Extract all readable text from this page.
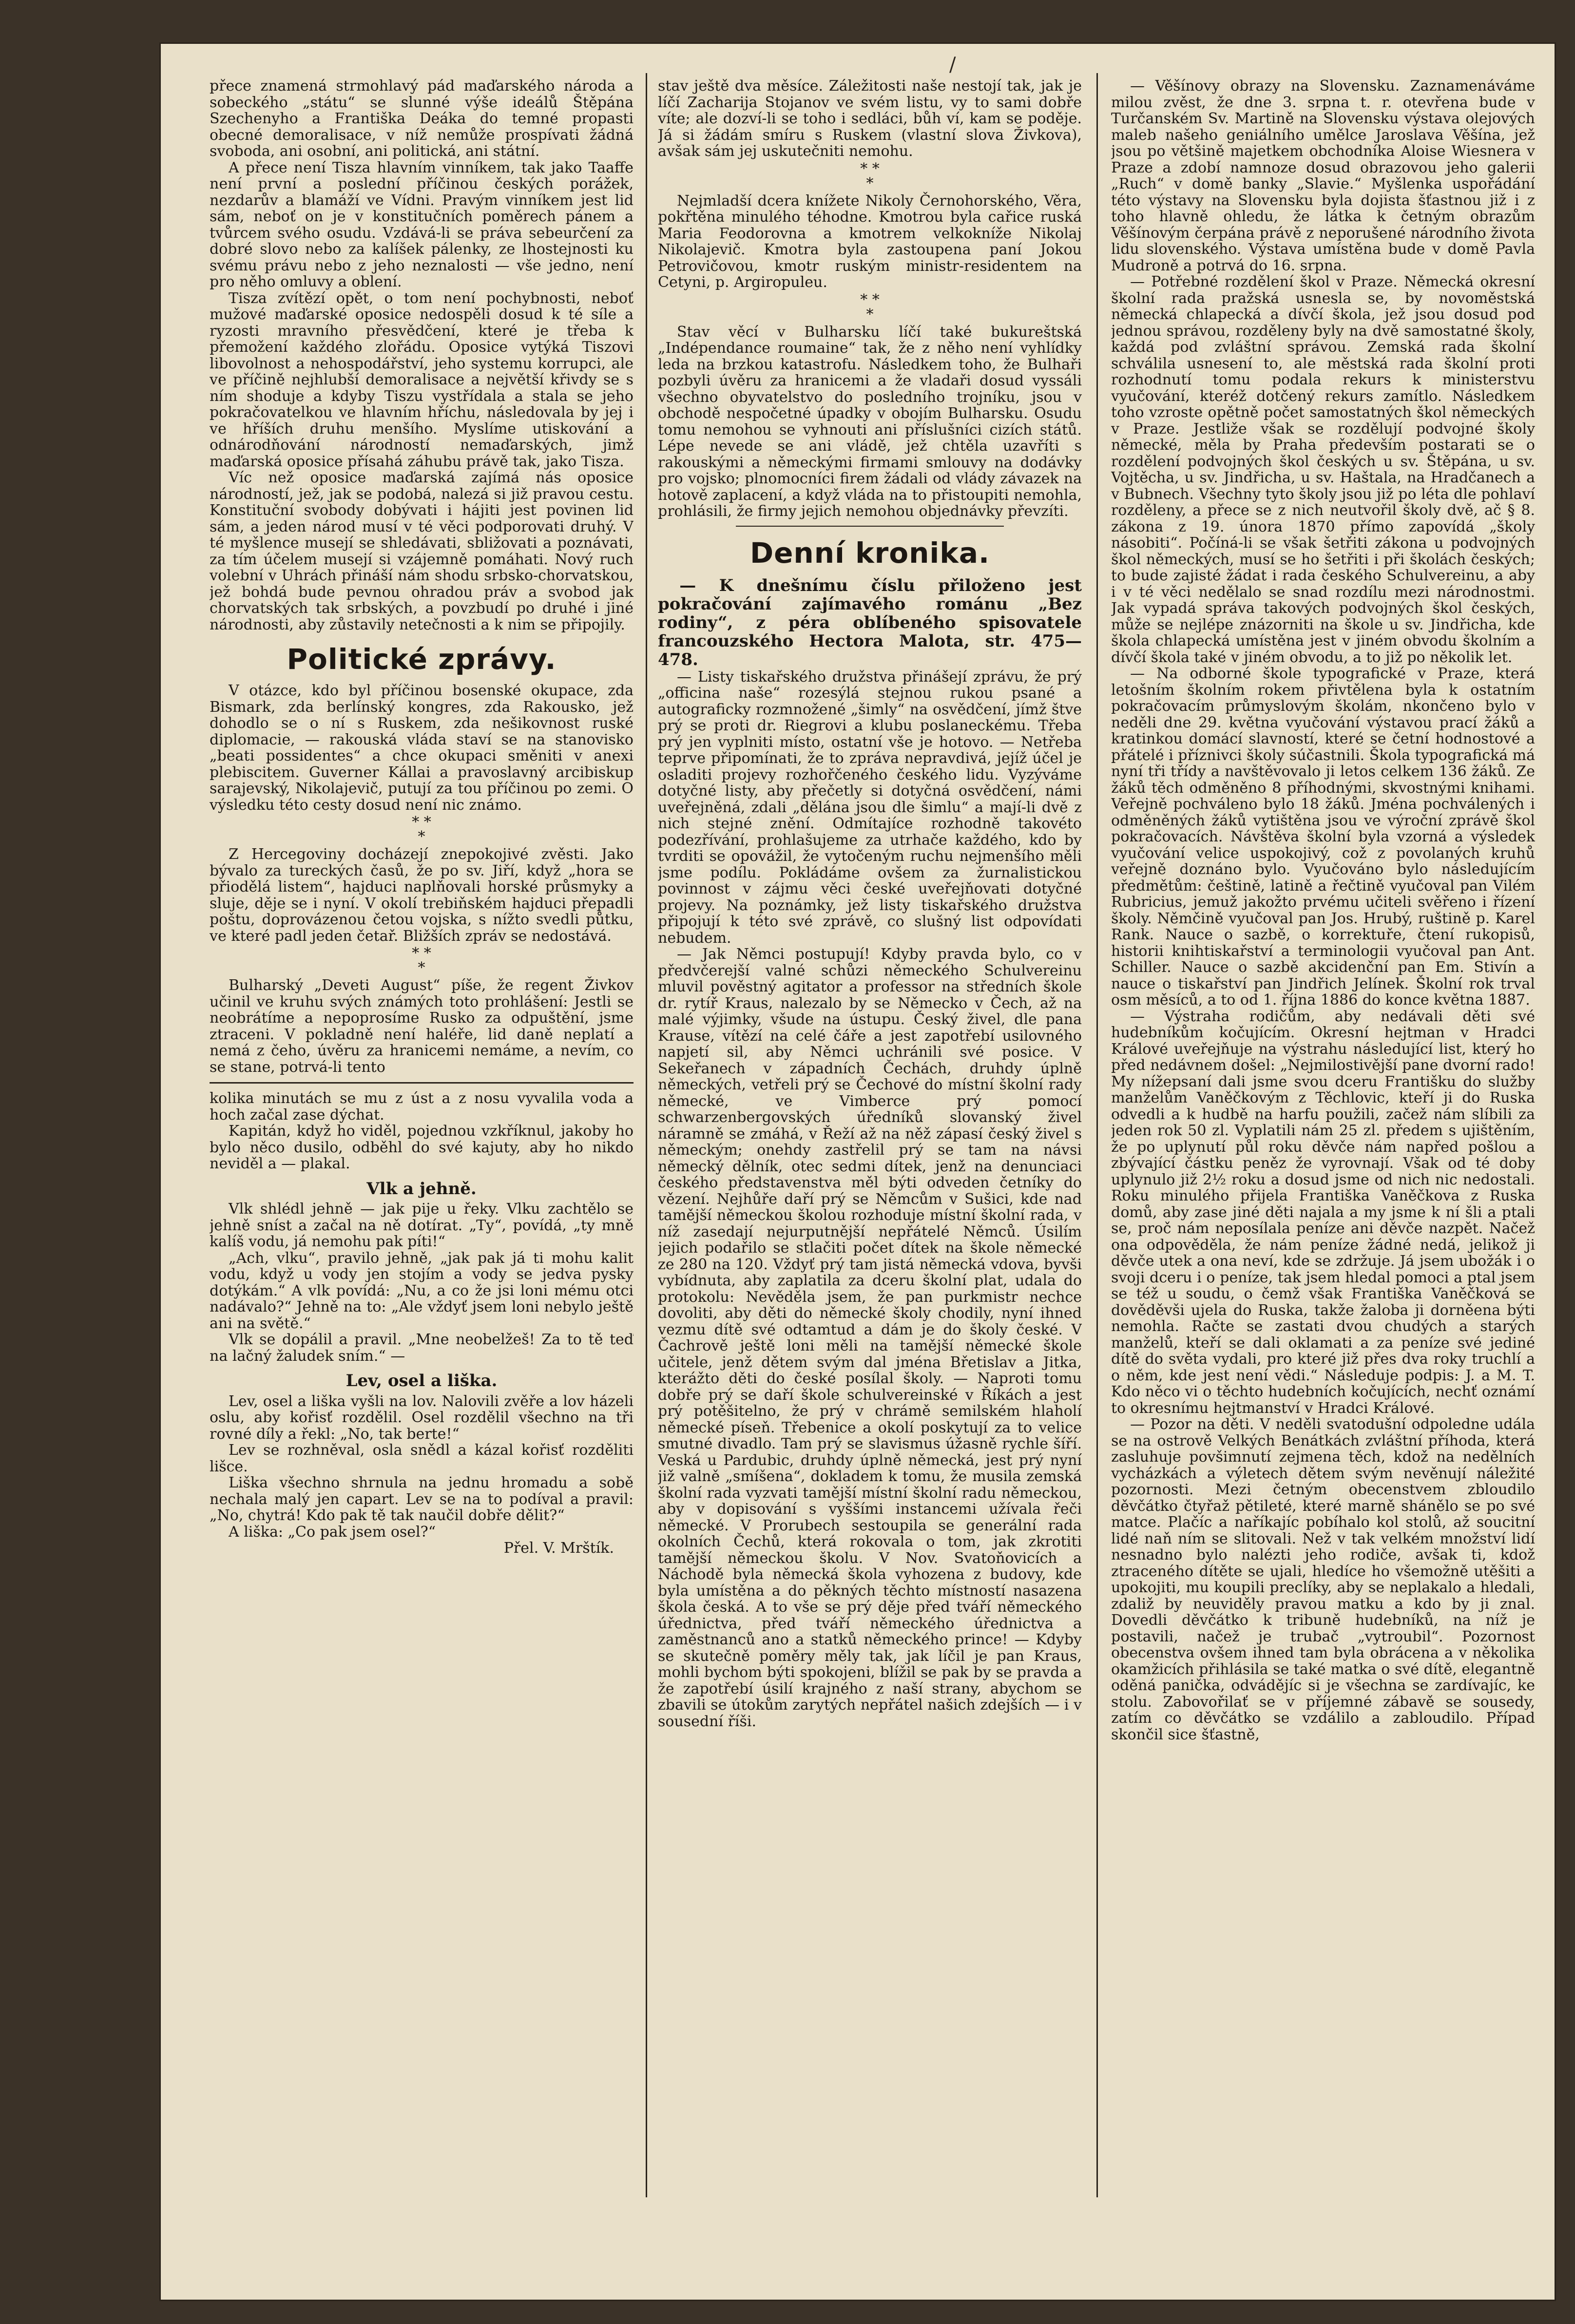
/

přece znamená strmohlavý pád maďarského národa a sobeckého „státu“ se slunné výše ideálů Štěpána Szechenyho a Františka Deáka do temné propasti obecné demoralisace, v níž nemůže prospívati žádná svoboda, ani osobní, ani politická, ani státní.

A přece není Tisza hlavním vinníkem, tak jako Taaffe není první a poslední příčinou českých porážek, nezdarův a blamáží ve Vídni. Pravým vinníkem jest lid sám, neboť on je v konstitučních poměrech pánem a tvůrcem svého osudu. Vzdává-li se práva sebeurčení za dobré slovo nebo za kalíšek pálenky, ze lhostejnosti ku svému právu nebo z jeho neznalosti — vše jedno, není pro něho omluvy a oblení.

Tisza zvítězí opět, o tom není pochybnosti, neboť mužové maďarské oposice nedospěli dosud k té síle a ryzosti mravního přesvědčení, které je třeba k přemožení každého zlořádu. Oposice vytýká Tiszovi libovolnost a nehospodářství, jeho systemu korrupci, ale ve příčině nejhlubší demoralisace a největší křivdy se s ním shoduje a kdyby Tiszu vystřídala a stala se jeho pokračovatelkou ve hlavním hříchu, následovala by jej i ve hříších druhu menšího. Myslíme utiskování a odnárodňování národností nemaďarských, jimž maďarská oposice přísahá záhubu právě tak, jako Tisza.

Víc než oposice maďarská zajímá nás oposice národností, jež, jak se podobá, nalezá si již pravou cestu. Konstituční svobody dobývati i hájiti jest povinen lid sám, a jeden národ musí v té věci podporovati druhý. V té myšlence musejí se shledávati, sbližovati a poznávati, za tím účelem musejí si vzájemně pomáhati. Nový ruch volební v Uhrách přináší nám shodu srbsko-chorvatskou, jež bohdá bude pevnou ohradou práv a svobod jak chorvatských tak srbských, a povzbudí po druhé i jiné národnosti, aby zůstavily netečnosti a k nim se připojily.

Politické zprávy.

V otázce, kdo byl příčinou bosenské okupace, zda Bismark, zda berlínský kongres, zda Rakousko, jež dohodlo se o ní s Ruskem, zda nešikovnost ruské diplomacie, — rakouská vláda staví se na stanovisko „beati possidentes“ a chce okupaci směniti v anexi plebiscitem. Guverner Kállai a pravoslavný arcibiskup sarajevský, Nikolajevič, putují za tou příčinou po zemi. O výsledku této cesty dosud není nic známo.

* *
*

Z Hercegoviny docházejí znepokojivé zvěsti. Jako bývalo za tureckých časů, že po sv. Jiří, když „hora se přiodělá listem“, hajduci naplňovali horské průsmyky a sluje, děje se i nyní. V okolí trebiňském hajduci přepadli poštu, doprovázenou četou vojska, s nížto svedli půtku, ve které padl jeden četař. Bližších zpráv se nedostává.

* *
*

Bulharský „Deveti August“ píše, že regent Živkov učinil ve kruhu svých známých toto prohlášení: Jestli se neobrátíme a nepoprosíme Rusko za odpuštění, jsme ztraceni. V pokladně není haléře, lid daně neplatí a nemá z čeho, úvěru za hranicemi nemáme, a nevím, co se stane, potrvá-li tento

kolika minutách se mu z úst a z nosu vyvalila voda a hoch začal zase dýchat.

Kapitán, když ho viděl, pojednou vzkříknul, jakoby ho bylo něco dusilo, odběhl do své kajuty, aby ho nikdo neviděl a — plakal.

Vlk a jehně.

Vlk shlédl jehně — jak pije u řeky. Vlku zachtělo se jehně sníst a začal na ně dotírat. „Ty“, povídá, „ty mně kalíš vodu, já nemohu pak píti!“

„Ach, vlku“, pravilo jehně, „jak pak já ti mohu kalit vodu, když u vody jen stojím a vody se jedva pysky dotýkám.“ A vlk povídá: „Nu, a co že jsi loni mému otci nadávalo?“ Jehně na to: „Ale vždyť jsem loni nebylo ještě ani na světě.“

Vlk se dopálil a pravil. „Mne neobelžeš! Za to tě teď na lačný žaludek sním.“ —

Lev, osel a liška.

Lev, osel a liška vyšli na lov. Nalovili zvěře a lov házeli oslu, aby kořisť rozdělil. Osel rozdělil všechno na tři rovné díly a řekl: „No, tak berte!“

Lev se rozhněval, osla snědl a kázal kořisť rozděliti lišce.

Liška všechno shrnula na jednu hromadu a sobě nechala malý jen capart. Lev se na to podíval a pravil: „No, chytrá! Kdo pak tě tak naučil dobře dělit?“

A liška: „Co pak jsem osel?“

Přel. V. Mrštík.

stav ještě dva měsíce. Záležitosti naše nestojí tak, jak je líčí Zacharija Stojanov ve svém listu, vy to sami dobře víte; ale dozví-li se toho i sedláci, bůh ví, kam se poděje. Já si žádám smíru s Ruskem (vlastní slova Živkova), avšak sám jej uskutečniti nemohu.

* *
*

Nejmladší dcera knížete Nikoly Černohorského, Věra, pokřtěna minulého téhodne. Kmotrou byla cařice ruská Maria Feodorovna a kmotrem velkokníže Nikolaj Nikolajevič. Kmotra byla zastoupena paní Jokou Petrovičovou, kmotr ruským ministr-residentem na Cetyni, p. Argiropuleu.

* *
*

Stav věcí v Bulharsku líčí také bukureštská „Indépendance roumaine“ tak, že z něho není vyhlídky leda na brzkou katastrofu. Následkem toho, že Bulhaři pozbyli úvěru za hranicemi a že vladaři dosud vyssáli všechno obyvatelstvo do posledního trojníku, jsou v obchodě nespočetné úpadky v obojím Bulharsku. Osudu tomu nemohou se vyhnouti ani příslušníci cizích států. Lépe nevede se ani vládě, jež chtěla uzavříti s rakouskými a německými firmami smlouvy na dodávky pro vojsko; plnomocníci firem žádali od vlády závazek na hotově zaplacení, a když vláda na to přistoupiti nemohla, prohlásili, že firmy jejich nemohou objednávky převzíti.

Denní kronika.

— K dnešnímu číslu přiloženo jest pokračování zajímavého románu „Bez rodiny“, z péra oblíbeného spisovatele francouzského Hectora Malota, str. 475—478.

— Listy tiskařského družstva přinášejí zprávu, že prý „officina naše“ rozesýlá stejnou rukou psané a autograficky rozmnožené „šimly“ na osvědčení, jímž štve prý se proti dr. Riegrovi a klubu poslaneckému. Třeba prý jen vyplniti místo, ostatní vše je hotovo. — Netřeba teprve připomínati, že to zpráva nepravdivá, jejíž účel je osladiti projevy rozhořčeného českého lidu. Vyzýváme dotyčné listy, aby přečetly si dotyčná osvědčení, námi uveřejněná, zdali „dělána jsou dle šimlu“ a mají-li dvě z nich stejné znění. Odmítajíce rozhodně takovéto podezřívání, prohlašujeme za utrhače každého, kdo by tvrditi se opovážil, že vytočeným ruchu nejmenšího měli jsme podílu. Pokládáme ovšem za žurnalistickou povinnost v zájmu věci české uveřejňovati dotyčné projevy. Na poznámky, jež listy tiskařského družstva připojují k této své zprávě, co slušný list odpovídati nebudem.

— Jak Němci postupují! Kdyby pravda bylo, co v předvčerejší valné schůzi německého Schulvereinu mluvil pověstný agitator a professor na středních škole dr. rytíř Kraus, nalezalo by se Německo v Čech, až na malé výjimky, všude na ústupu. Český živel, dle pana Krause, vítězí na celé čáře a jest zapotřebí usilovného napjetí sil, aby Němci uchránili své posice. V Sekeřanech v západních Čechách, druhdy úplně německých, vetřeli prý se Čechové do místní školní rady německé, ve Vimberce prý pomocí schwarzenbergovských úředníků slovanský živel náramně se zmáhá, v Řeží až na něž zápasí český živel s německým; onehdy zastřelil prý se tam na návsi německý dělník, otec sedmi dítek, jenž na denunciaci českého představenstva měl býti odveden četníky do vězení. Nejhůře daří prý se Němcům v Sušici, kde nad tamější německou školou rozhoduje místní školní rada, v níž zasedají nejurputnější nepřátelé Němců. Úsilím jejich podařilo se stlačiti počet dítek na škole německé ze 280 na 120. Vždyť prý tam jistá německá vdova, byvši vybídnuta, aby zaplatila za dceru školní plat, udala do protokolu: Nevěděla jsem, že pan purkmistr nechce dovoliti, aby děti do německé školy chodily, nyní ihned vezmu dítě své odtamtud a dám je do školy české. V Čachrově ještě loni měli na tamější německé škole učitele, jenž dětem svým dal jména Břetislav a Jitka, kterážto děti do české posílal školy. — Naproti tomu dobře prý se daří škole schulvereinské v Říkách a jest prý potěšitelno, že prý v chrámě semilském hlaholí německé píseň. Třebenice a okolí poskytují za to velice smutné divadlo. Tam prý se slavismus úžasně rychle šíří. Veská u Pardubic, druhdy úplně německá, jest prý nyní již valně „smíšena“, dokladem k tomu, že musila zemská školní rada vyzvati tamější místní školní radu německou, aby v dopisování s vyššími instancemi užívala řeči německé. V Prorubech sestoupila se generální rada okolních Čechů, která rokovala o tom, jak zkrotiti tamější německou školu. V Nov. Svatoňovicích a Náchodě byla německá škola vyhozena z budovy, kde byla umístěna a do pěkných těchto místností nasazena škola česká. A to vše se prý děje před tváří německého úřednictva, před tváří německého úřednictva a zaměstnanců ano a statků německého prince! — Kdyby se skutečně poměry měly tak, jak líčil je pan Kraus, mohli bychom býti spokojeni, blížil se pak by se pravda a že zapotřebí úsilí krajného z naší strany, abychom se zbavili se útokům zarytých nepřátel našich zdejších — i v sousední říši.

— Věšínovy obrazy na Slovensku. Zaznamenáváme milou zvěst, že dne 3. srpna t. r. otevřena bude v Turčanském Sv. Martině na Slovensku výstava olejových maleb našeho geniálního umělce Jaroslava Věšína, jež jsou po většině majetkem obchodníka Aloise Wiesnera v Praze a zdobí namnoze dosud obrazovou jeho galerii „Ruch“ v domě banky „Slavie.“ Myšlenka uspořádání této výstavy na Slovensku byla dojista šťastnou již i z toho hlavně ohledu, že látka k četným obrazům Věšínovým čerpána právě z neporušené národního života lidu slovenského. Výstava umístěna bude v domě Pavla Mudroně a potrvá do 16. srpna.

— Potřebné rozdělení škol v Praze. Německá okresní školní rada pražská usnesla se, by novoměstská německá chlapecká a dívčí škola, jež jsou dosud pod jednou správou, rozděleny byly na dvě samostatné školy, každá pod zvláštní správou. Zemská rada školní schválila usnesení to, ale městská rada školní proti rozhodnutí tomu podala rekurs k ministerstvu vyučování, kteréž dotčený rekurs zamítlo. Následkem toho vzroste opětně počet samostatných škol německých v Praze. Jestliže však se rozdělují podvojné školy německé, měla by Praha především postarati se o rozdělení podvojných škol českých u sv. Štěpána, u sv. Vojtěcha, u sv. Jindřicha, u sv. Haštala, na Hradčanech a v Bubnech. Všechny tyto školy jsou již po léta dle pohlaví rozděleny, a přece se z nich neutvořil školy dvě, ač § 8. zákona z 19. února 1870 přímo zapovídá „školy násobiti“. Počíná-li se však šetřiti zákona u podvojných škol německých, musí se ho šetřiti i při školách českých; to bude zajisté žádat i rada českého Schulvereinu, a aby i v té věci nedělalo se snad rozdílu mezi národnostmi. Jak vypadá správa takových podvojných škol českých, může se nejlépe znázorniti na škole u sv. Jindřicha, kde škola chlapecká umístěna jest v jiném obvodu školním a dívčí škola také v jiném obvodu, a to již po několik let.

— Na odborné škole typografické v Praze, která letošním školním rokem přivtělena byla k ostatním pokračovacím průmyslovým školám, nkončeno bylo v neděli dne 29. května vyučování výstavou prací žáků a kratinkou domácí slavností, které se četní hodnostové a přátelé i příznivci školy súčastnili. Škola typografická má nyní tři třídy a navštěvovalo ji letos celkem 136 žáků. Ze žáků těch odměněno 8 příhodnými, skvostnými knihami. Veřejně pochváleno bylo 18 žáků. Jména pochválených i odměněných žáků vytištěna jsou ve výroční zprávě škol pokračovacích. Návštěva školní byla vzorná a výsledek vyučování velice uspokojivý, což z povolaných kruhů veřejně doznáno bylo. Vyučováno bylo následujícím předmětům: češtině, latině a řečtině vyučoval pan Vilém Rubricius, jemuž jakožto prvému učiteli svěřeno i řízení školy. Němčině vyučoval pan Jos. Hrubý, ruštině p. Karel Rank. Nauce o sazbě, o korrektuře, čtení rukopisů, historii knihtiskařství a terminologii vyučoval pan Ant. Schiller. Nauce o sazbě akcidenční pan Em. Stivín a nauce o tiskařství pan Jindřich Jelínek. Školní rok trval osm měsíců, a to od 1. října 1886 do konce května 1887.

— Výstraha rodičům, aby nedávali děti své hudebníkům kočujícím. Okresní hejtman v Hradci Králové uveřejňuje na výstrahu následující list, který ho před nedávnem došel: „Nejmilostivější pane dvorní rado! My nížepsaní dali jsme svou dceru Františku do služby manželům Vaněčkovým z Těchlovic, kteří ji do Ruska odvedli a k hudbě na harfu použili, začež nám slíbili za jeden rok 50 zl. Vyplatili nám 25 zl. předem s ujištěním, že po uplynutí půl roku děvče nám napřed pošlou a zbývající částku peněz že vyrovnají. Však od té doby uplynulo již 2½ roku a dosud jsme od nich nic nedostali. Roku minulého přijela Františka Vaněčkova z Ruska domů, aby zase jiné děti najala a my jsme k ní šli a ptali se, proč nám neposílala peníze ani děvče nazpět. Načež ona odpověděla, že nám peníze žádné nedá, jelikož ji děvče utek a ona neví, kde se zdržuje. Já jsem ubožák i o svoji dceru i o peníze, tak jsem hledal pomoci a ptal jsem se též u soudu, o čemž však Františka Vaněčková se dověděvši ujela do Ruska, takže žaloba ji dorněena býti nemohla. Račte se zastati dvou chudých a starých manželů, kteří se dali oklamati a za peníze své jediné dítě do světa vydali, pro které již přes dva roky truchlí a o něm, kde jest není vědi.“ Následuje podpis: J. a M. T. Kdo něco vi o těchto hudebních kočujících, nechť oznámí to okresnímu hejtmanství v Hradci Králové.

— Pozor na děti. V neděli svatodušní odpoledne udála se na ostrově Velkých Benátkách zvláštní příhoda, která zasluhuje povšimnutí zejmena těch, kdož na nedělních vycházkách a výletech dětem svým nevěnují náležité pozornosti. Mezi četným obecenstvem zbloudilo děvčátko čtyřaž pětileté, které marně shánělo se po své matce. Plačíc a naříkajíc pobíhalo kol stolů, až soucitní lidé naň ním se slitovali. Než v tak velkém množství lidí nesnadno bylo nalézti jeho rodiče, avšak ti, kdož ztraceného dítěte se ujali, hledíce ho všemožně utěšiti a upokojiti, mu koupili preclíky, aby se neplakalo a hledali, zdaliž by neuviděly pravou matku a kdo by ji znal. Dovedli děvčátko k tribuně hudebníků, na níž je postavili, načež je trubač „vytroubil“. Pozornost obecenstva ovšem ihned tam byla obrácena a v několika okamžicích přihlásila se také matka o své dítě, elegantně oděná panička, odvádějíc si je všechna se zardívajíc, ke stolu. Zabovořilať se v příjemné zábavě se sousedy, zatím co děvčátko se vzdálilo a zabloudilo. Případ skončil sice šťastně,
